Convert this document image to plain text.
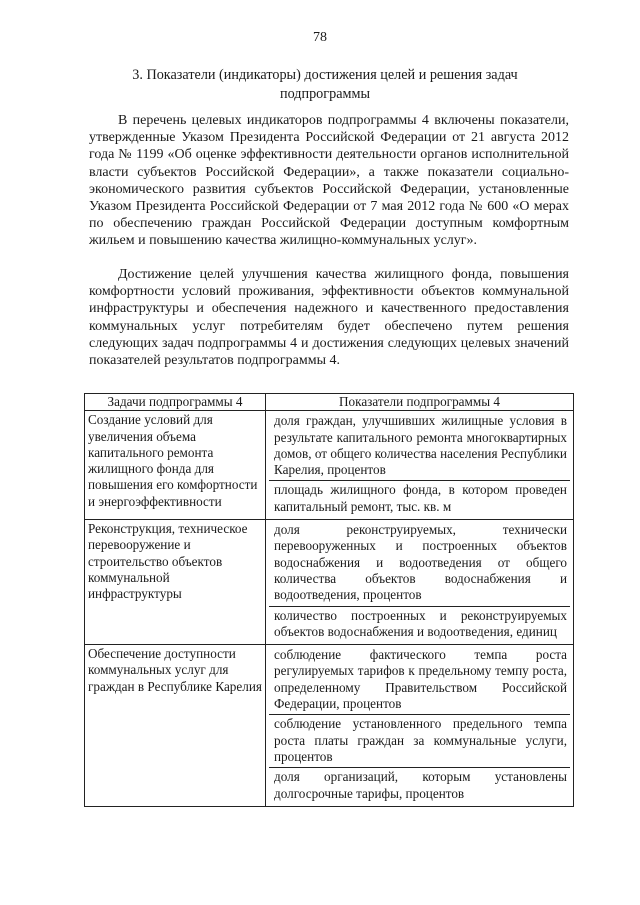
78
3. Показатели (индикаторы) достижения целей и решения задач подпрограммы

В перечень целевых индикаторов подпрограммы 4 включены показатели, утвержденные Указом Президента Российской Федерации от 21 августа 2012 года № 1199 «Об оценке эффективности деятельности органов исполнительной власти субъектов Российской Федерации», а также показатели социально-экономического развития субъектов Российской Федерации, установленные Указом Президента Российской Федерации от 7 мая 2012 года № 600 «О мерах по обеспечению граждан Российской Федерации доступным комфортным жильем и повышению качества жилищно-коммунальных услуг».

Достижение целей улучшения качества жилищного фонда, повышения комфортности условий проживания, эффективности объектов коммунальной инфраструктуры и обеспечения надежного и качественного предоставления коммунальных услуг потребителям будет обеспечено путем решения следующих задач подпрограммы 4 и достижения следующих целевых значений показателей результатов подпрограммы 4.

Задачи подпрограммы 4	Показатели подпрограммы 4
Создание условий для увеличения объема капитального ремонта жилищного фонда для повышения его комфортности и энергоэффективности	доля граждан, улучшивших жилищные условия в результате капитального ремонта многоквартирных домов, от общего количества населения Республики Карелия, процентов
площадь жилищного фонда, в котором проведен капитальный ремонт, тыс. кв. м

Реконструкция, техническое перевооружение и строительство объектов коммунальной инфраструктуры	доля реконструируемых, технически перевооруженных и построенных объектов водоснабжения и водоотведения от общего количества объектов водоснабжения и водоотведения, процентов
количество построенных и реконструируемых объектов водоснабжения и водоотведения, единиц

Обеспечение доступности коммунальных услуг для граждан в Республике Карелия	соблюдение фактического темпа роста регулируемых тарифов к предельному темпу роста, определенному Правительством Российской Федерации, процентов
соблюдение установленного предельного темпа роста платы граждан за коммунальные услуги, процентов
доля организаций, которым установлены долгосрочные тарифы, процентов
